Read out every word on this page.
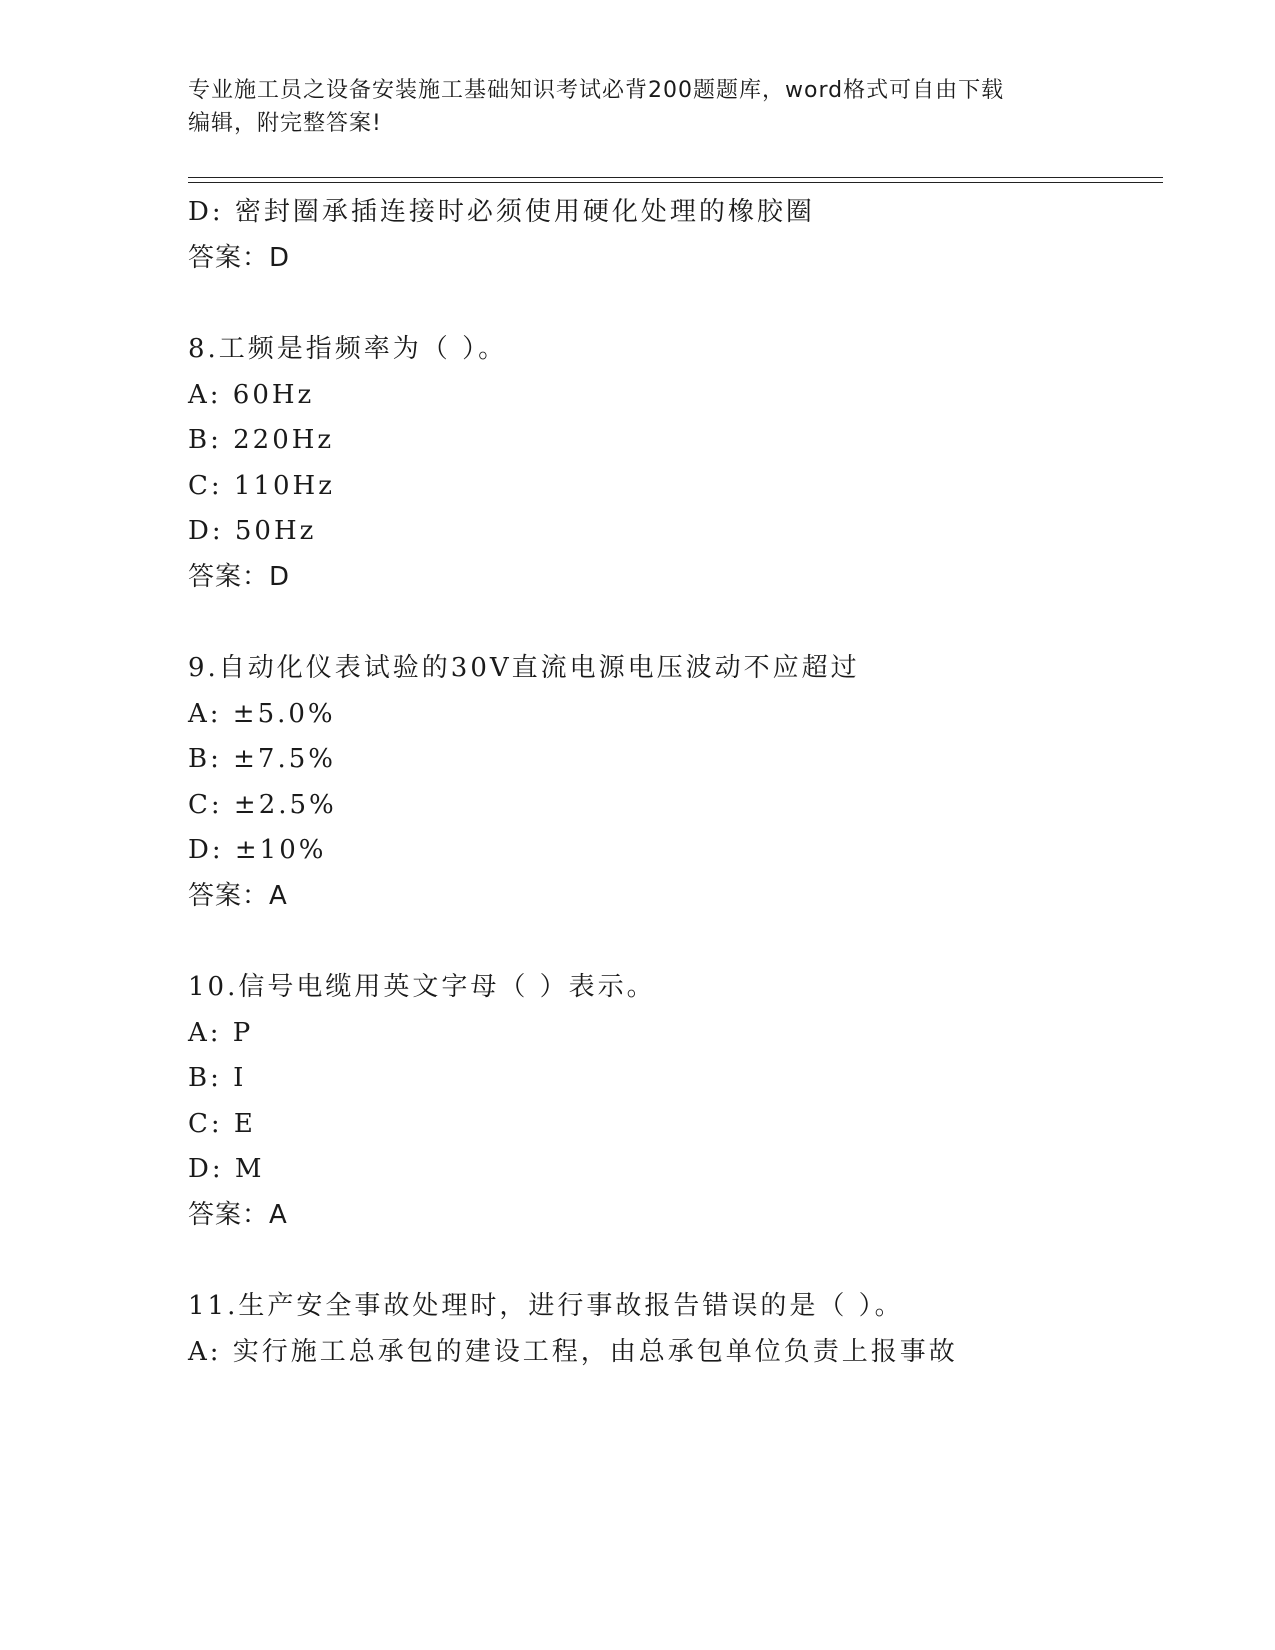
专业施工员之设备安装施工基础知识考试必背200题题库，word格式可自由下载
编辑，附完整答案!
D: 密封圈承插连接时必须使用硬化处理的橡胶圈
答案：D
8.工频是指频率为（ ）。
A: 60Hz
B: 220Hz
C: 110Hz
D: 50Hz
答案：D
9.自动化仪表试验的30V直流电源电压波动不应超过
A: ±5.0%
B: ±7.5%
C: ±2.5%
D: ±10%
答案：A
10.信号电缆用英文字母（ ）表示。
A: P
B: I
C: E
D: M
答案：A
11.生产安全事故处理时，进行事故报告错误的是（ ）。
A: 实行施工总承包的建设工程，由总承包单位负责上报事故
